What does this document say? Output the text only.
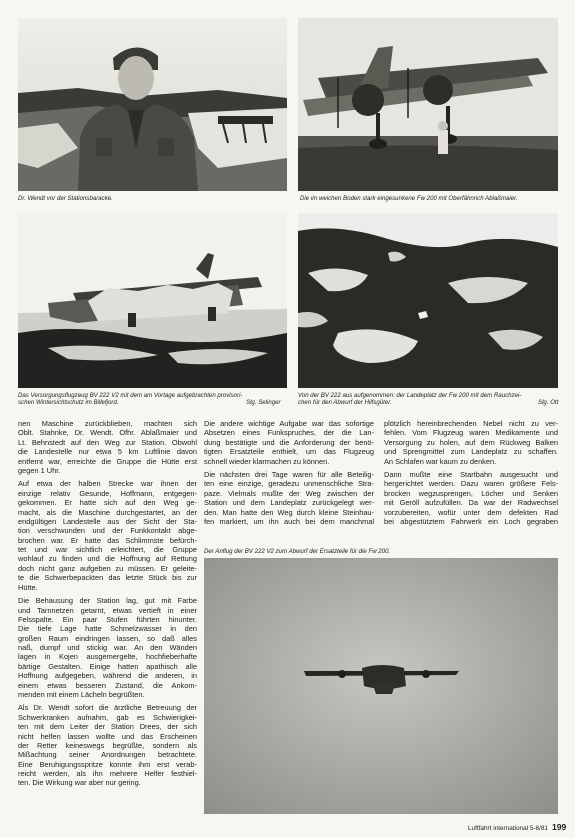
Dr. Wendt vor der Stationsbaracke.	Die im weichen Boden stark eingesunkene Fw 200 mit Oberfähnrich Ablaßmaier.
Das Versorgungsflugzeug BV 222 V2 mit dem am Vortage aufgebrachten provisori-
schen Wintersichtschutz im Billefjord.	Slg. Selinger
Von der BV 222 aus aufgenommen: der Landeplatz der Fw 200 mit dem Rauchzei-
chen für den Abwurf der Hilfsgüter.	Slg. Ott

nen Maschine zurückblieben, machten sich
Oblt. Stahnke, Dr. Wendt. Ofhr. Ablaßmaier und
Lt. Behnstedt auf den Weg zur Station. Obwohl
die Landestelle nur etwa 5 km Luftlinie davon
entfernt war, erreichte die Gruppe die Hütte erst
gegen 1 Uhr.

Auf etwa der halben Strecke war ihnen der
einzige relativ Gesunde, Hoffmann, entgegen-
gekommen. Er hatte sich auf den Weg ge-
macht, als die Maschine durchgestartet, an der
endgültigen Landestelle aus der Sicht der Sta-
tion verschwunden und der Funkkontakt abge-
brochen war. Er hatte das Schlimmste befürch-
tet und war sichtlich erleichtert, die Gruppe
wohlauf zu finden und die Hoffnung auf Rettung
doch nicht ganz aufgeben zu müssen. Er geleite-
te die Schwerbepackten das letzte Stück bis zur
Hütte.

Die Behausung der Station lag, gut mit Farbe
und Tarnnetzen getarnt, etwas vertieft in einer
Felsspalte. Ein paar Stufen führten hinunter.
Die tiefe Lage hatte Schmelzwasser in den
großen Raum eindringen lassen, so daß alles
naß, dumpf und stickig war. An den Wänden
lagen in Kojen ausgemergelte, hochfieberhafte
bärtige Gestalten. Einige hatten apathisch alle
Hoffnung aufgegeben, während die anderen, in
einem etwas besseren Zustand, die Ankom-
menden mit einem Lächeln begrüßten.

Als Dr. Wendt sofort die ärztliche Betreuung der
Schwerkranken aufnahm, gab es Schwierigkei-
ten mit dem Leiter der Station Drees, der sich
nicht helfen lassen wollte und das Erscheinen
der Retter keineswegs begrüßte, sondern als
Mißachtung seiner Anordnungen betrachtete.
Eine Beruhigungsspritze konnte ihm erst verab-
reicht werden, als ihn mehrere Helfer festhiel-
ten. Die Wirkung war aber nur gering.

Die andere wichtige Aufgabe war das sofortige
Absetzen eines Funkspruches, der die Lan-
dung bestätigte und die Anforderung der benö-
tigten Ersatzteile enthielt, um das Flugzeug
schnell wieder klarmachen zu können.

Die nächsten drei Tage waren für alle Beteilig-
ten eine einzige, geradezu unmenschliche Stra-
paze. Vielmals mußte der Weg zwischen der
Station und dem Landeplatz zurückgelegt wer-
den. Man hatte den Weg durch kleine Steinhau-
fen markiert, um ihn auch bei dem manchmal

plötzlich hereinbrechenden Nebel nicht zu ver-
fehlen. Vom Flugzeug waren Medikamente und
Versorgung zu holen, auf dem Rückweg Balken
und Sprengmittel zum Landeplatz zu schaffen.
An Schlafen war kaum zu denken.

Dann mußte eine Startbahn ausgesucht und
hergerichtet werden. Dazu waren größere Fels-
brocken wegzusprengen, Löcher und Senken
mit Geröll aufzufüllen. Da war der Radwechsel
vorzubereiten, wofür unter dem defekten Rad
bei abgestütztem Fahrwerk ein Loch gegraben

Der Anflug der BV 222 V2 zum Abwurf der Ersatzteile für die Fw 200.
Luftfahrt international 5-6/81 199
